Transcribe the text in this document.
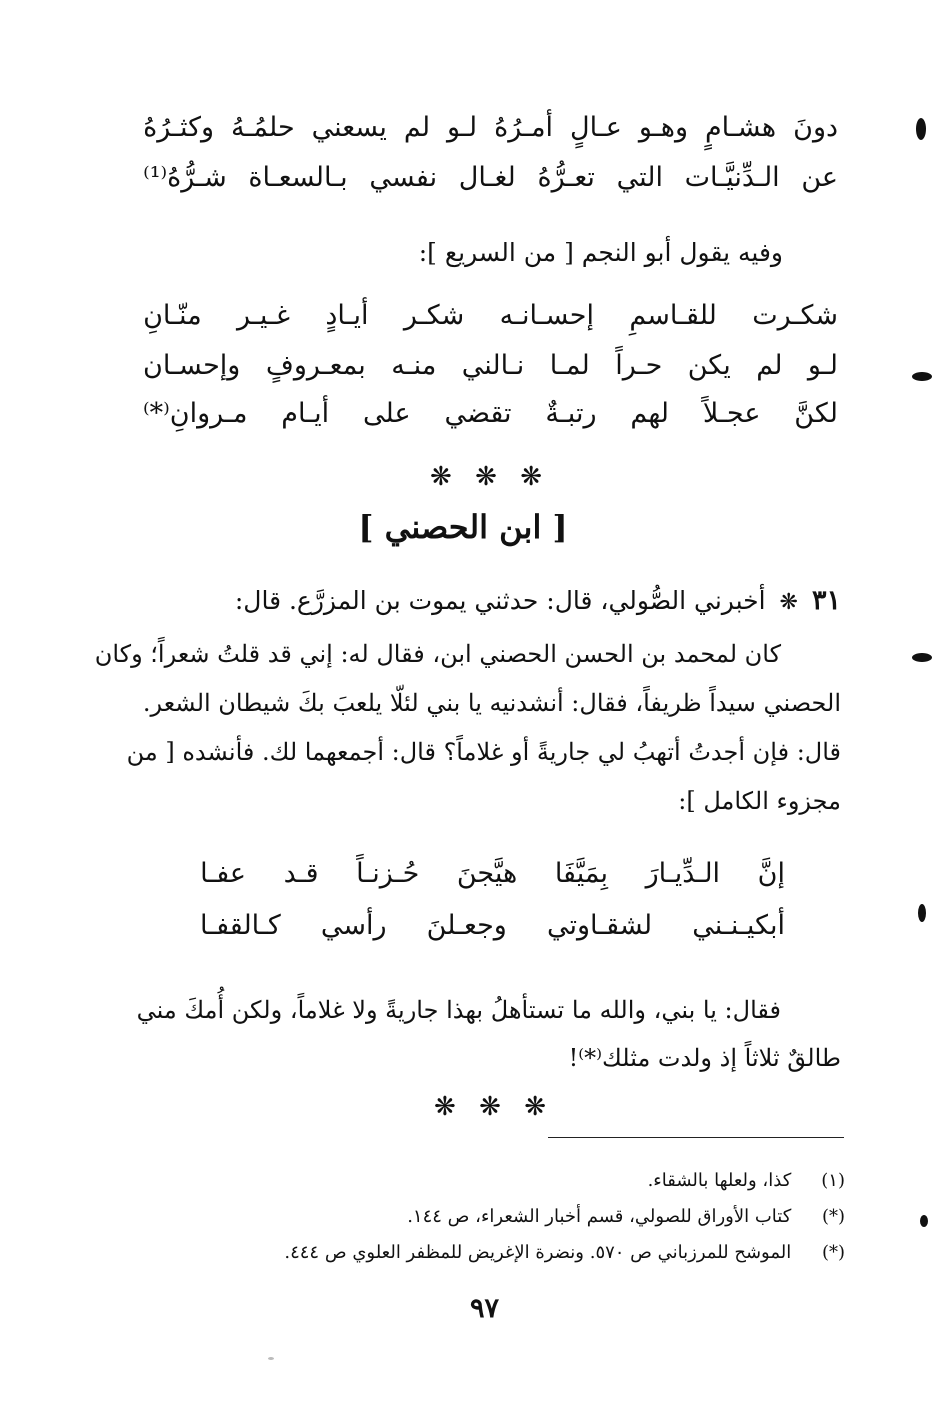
دونَ
هشـامٍ
وهـو
عـالٍ
أمـرُهُ
لـو
لم
يسعني
حلمُـهُ
وكثـرُهُ
عن
الـدِّنيَّـات
التي
تعـرُّهُ
لغـال
نفسي
بـالسعـاة
شـرُّهُ⁽¹⁾
وفيه يقول أبو النجم [ من السريع ]:
شكـرت
للقـاسمِ
إحسـانـه
شكـر
أيـادٍ
غـيـر
منّـانِ
لـو
لم
يكن
حـراً
لمـا
نـالني
منـه
بمعـروفٍ
وإحسـان
لكنَّ
عجـلاً
لهم
رتبـةٌ
تقضي
على
أيـام
مـروانِ⁽*⁾
❋ ❋ ❋
[ ابن الحصني ]
٣١
❋
أخبرني الصُّولي، قال: حدثني يموت بن المزرَّع. قال:
كان لمحمد بن الحسن الحصني ابن، فقال له: إني قد قلتُ شعراً؛ وكان
الحصني سيداً ظريفاً، فقال: أنشدنيه يا بني لئلّا يلعبَ بكَ شيطان الشعر.
قال: فإن أجدتُ أتهبُ لي جاريةً أو غلاماً؟ قال: أجمعهما لك. فأنشده [ من
مجزوء الكامل ]:
إنَّ
الـدِّيـارَ
بِمَيَّفَا
هيَّجنَ
حُـزنـاً
قـد
عفـا
أبكيـنـني
لشقـاوتي
وجعـلنَ
رأسي
كـالقفـا
فقال: يا بني، والله ما تستأهلُ بهذا جاريةً ولا غلاماً، ولكن أُمكَ مني
طالقٌ ثلاثاً إذ ولدت مثلك⁽*⁾!
❋ ❋ ❋
(١) كذا، ولعلها بالشقاء.
(*) كتاب الأوراق للصولي، قسم أخبار الشعراء، ص ١٤٤.
(*) الموشح للمرزباني ص ٥٧٠. ونضرة الإغريض للمظفر العلوي ص ٤٤٤.
٩٧
